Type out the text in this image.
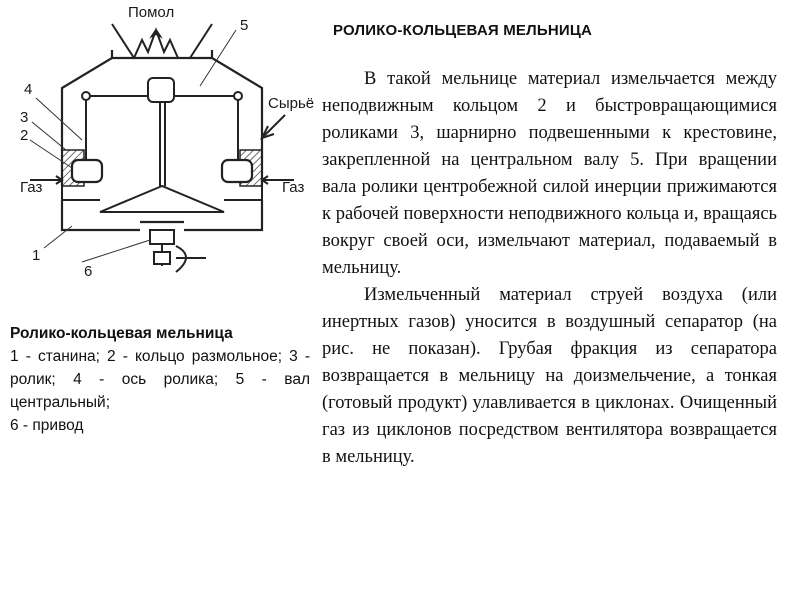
Помол
Газ	Газ
Сырьё
4
3
2
5
1
6
РОЛИКО-КОЛЬЦЕВАЯ МЕЛЬНИЦА

В такой мельнице материал измельчается между неподвижным кольцом 2 и быстровращающимися роликами 3, шарнирно подвешенными к крестовине, закрепленной на центральном валу 5. При вращении вала ролики центробежной силой инерции прижимаются к рабочей поверхности неподвижного кольца и, вращаясь вокруг своей оси, измельчают материал, подаваемый в мельницу.

Измельченный материал струей воздуха (или инертных газов) уносится в воздушный сепаратор (на рис. не показан). Грубая фракция из сепаратора возвращается в мельницу на доизмельчение, а тонкая (готовый продукт) улавливается в циклонах. Очищенный газ из циклонов посредством вентилятора возвращается в мельницу.

Ролико-кольцевая мельница

1 - станина; 2 - кольцо размольное; 3 - ролик; 4 - ось ролика; 5 - вал центральный;

6 - привод
